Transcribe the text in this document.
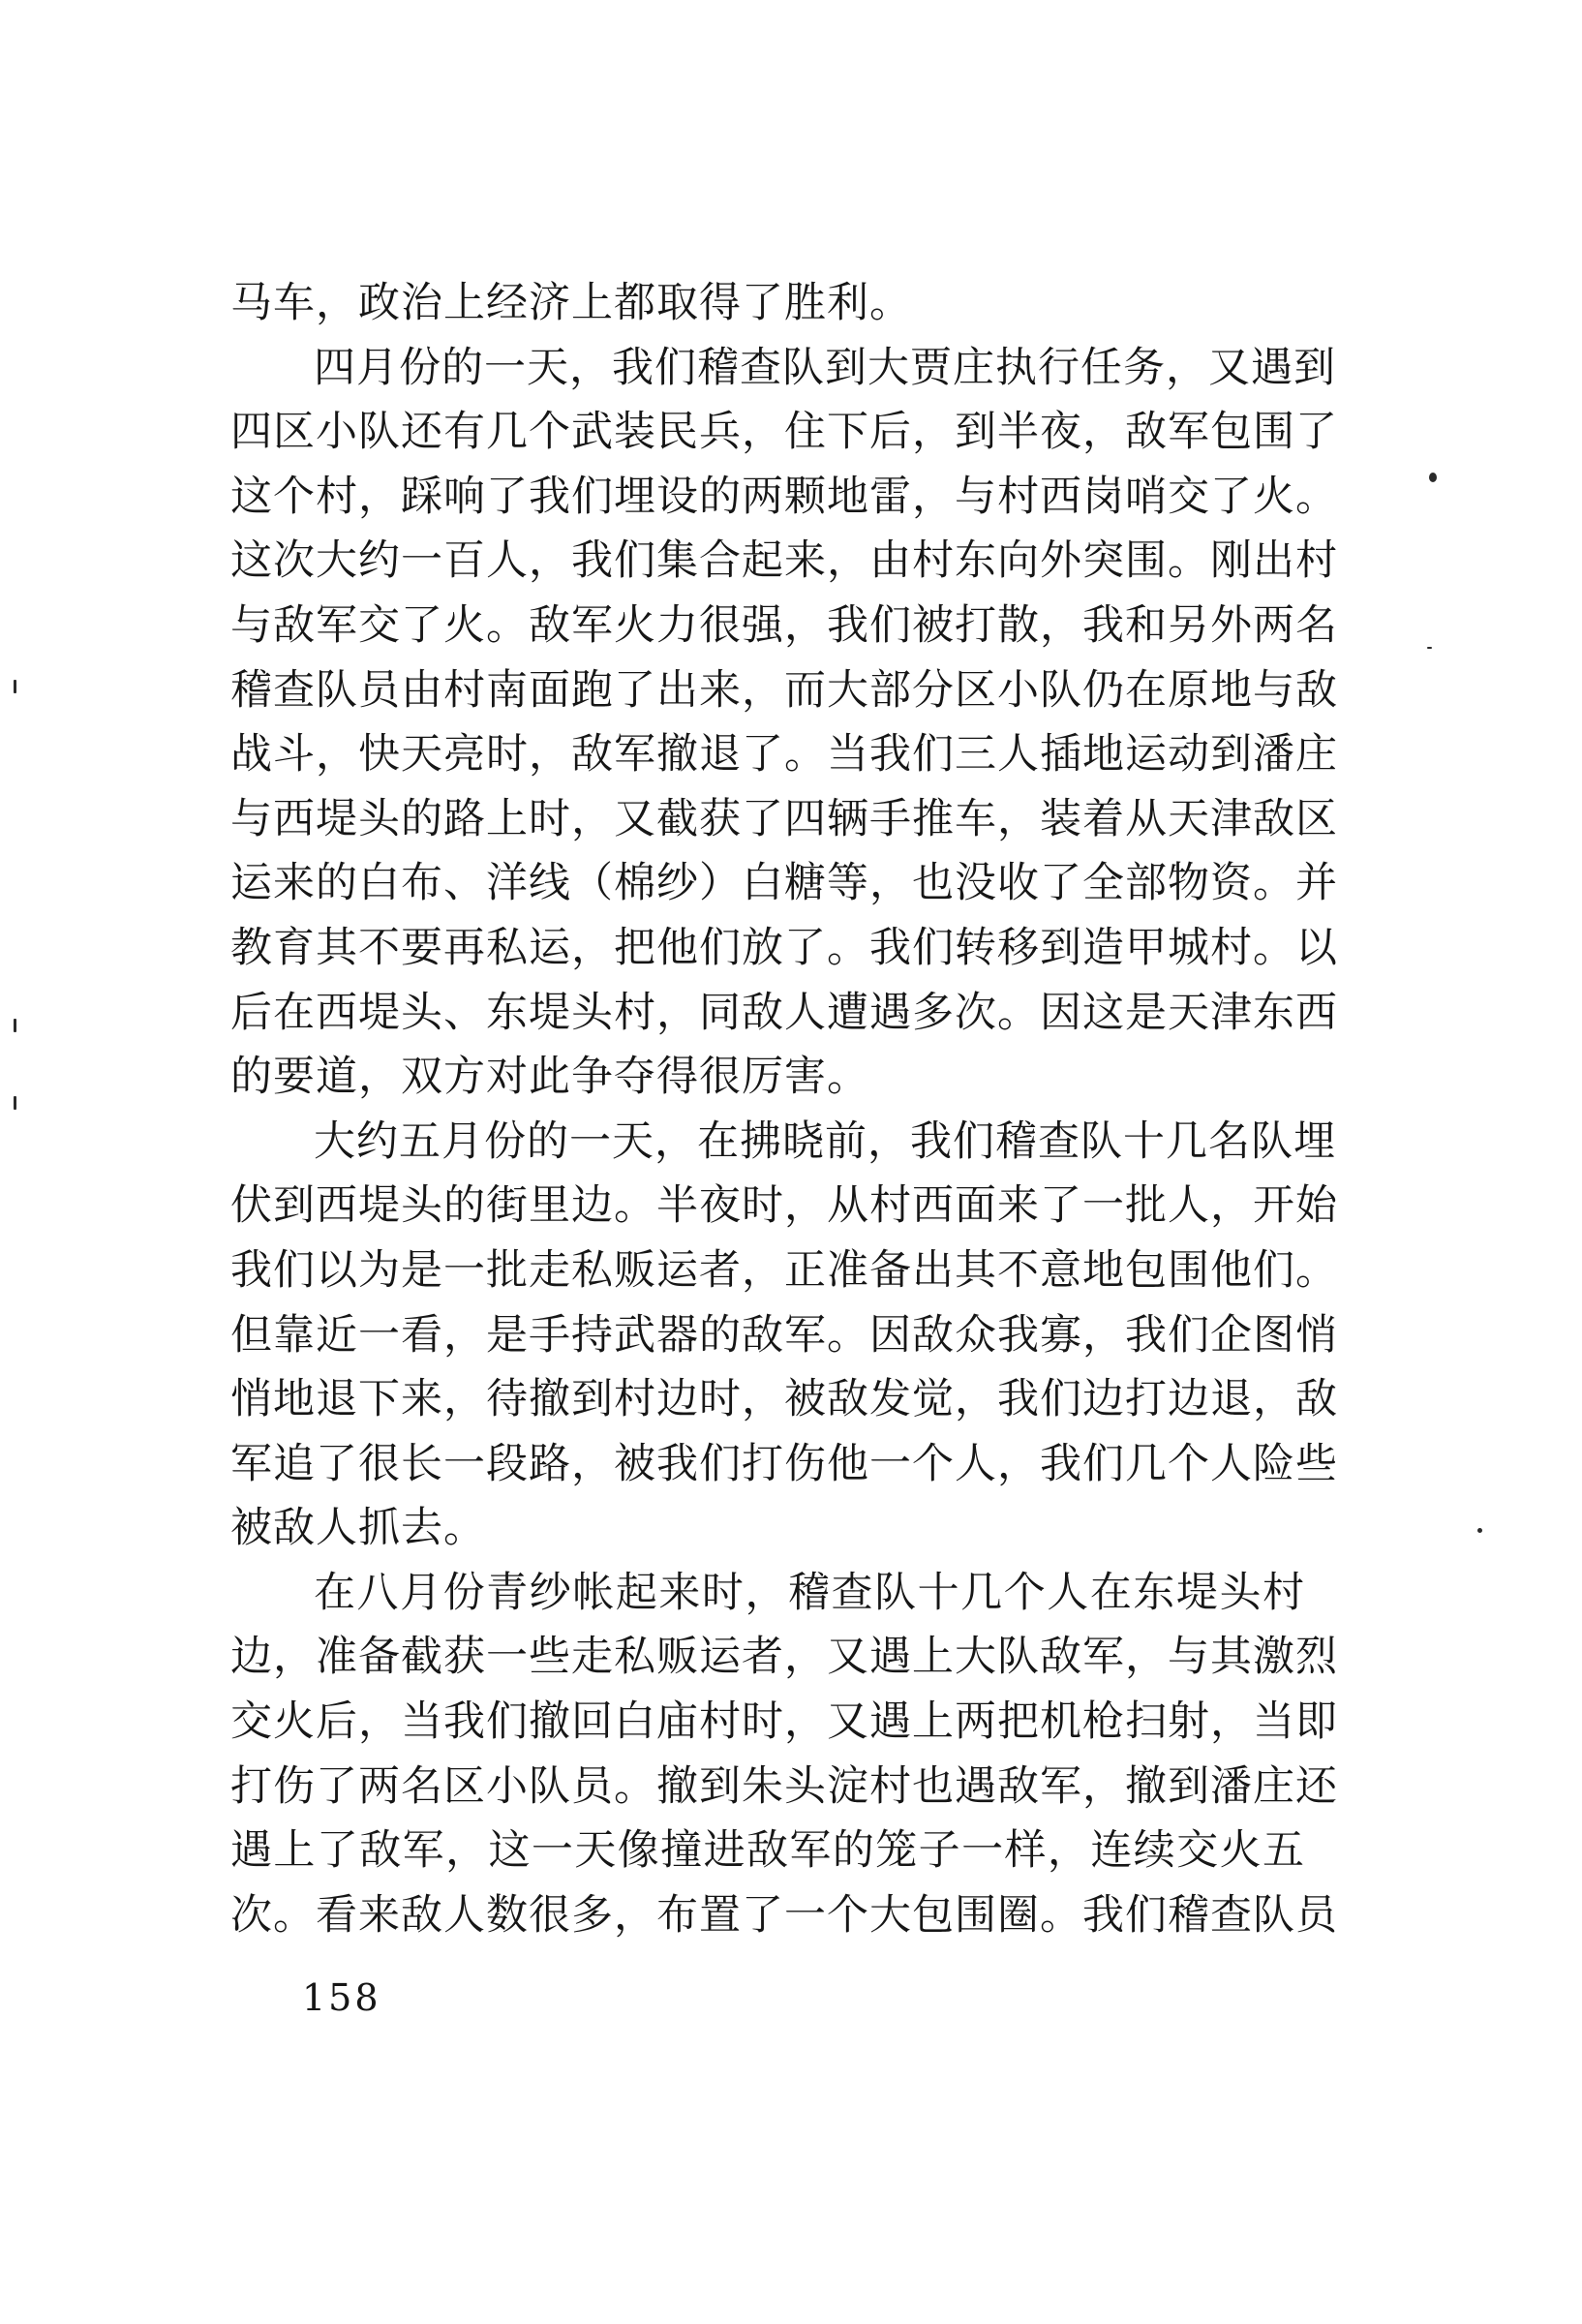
马车，政治上经济上都取得了胜利。
四月份的一天，我们稽查队到大贾庄执行任务，又遇到
四区小队还有几个武装民兵，住下后，到半夜，敌军包围了
这个村，踩响了我们埋设的两颗地雷，与村西岗哨交了火。
这次大约一百人，我们集合起来，由村东向外突围。刚出村
与敌军交了火。敌军火力很强，我们被打散，我和另外两名
稽查队员由村南面跑了出来，而大部分区小队仍在原地与敌
战斗，快天亮时，敌军撤退了。当我们三人插地运动到潘庄
与西堤头的路上时，又截获了四辆手推车，装着从天津敌区
运来的白布、洋线（棉纱）白糖等，也没收了全部物资。并
教育其不要再私运，把他们放了。我们转移到造甲城村。以
后在西堤头、东堤头村，同敌人遭遇多次。因这是天津东西
的要道，双方对此争夺得很厉害。
大约五月份的一天，在拂晓前，我们稽查队十几名队埋
伏到西堤头的街里边。半夜时，从村西面来了一批人，开始
我们以为是一批走私贩运者，正准备出其不意地包围他们。
但靠近一看，是手持武器的敌军。因敌众我寡，我们企图悄
悄地退下来，待撤到村边时，被敌发觉，我们边打边退，敌
军追了很长一段路，被我们打伤他一个人，我们几个人险些
被敌人抓去。
在八月份青纱帐起来时，稽查队十几个人在东堤头村
边，准备截获一些走私贩运者，又遇上大队敌军，与其激烈
交火后，当我们撤回白庙村时，又遇上两把机枪扫射，当即
打伤了两名区小队员。撤到朱头淀村也遇敌军，撤到潘庄还
遇上了敌军，这一天像撞进敌军的笼子一样，连续交火五
次。看来敌人数很多，布置了一个大包围圈。我们稽查队员
158
